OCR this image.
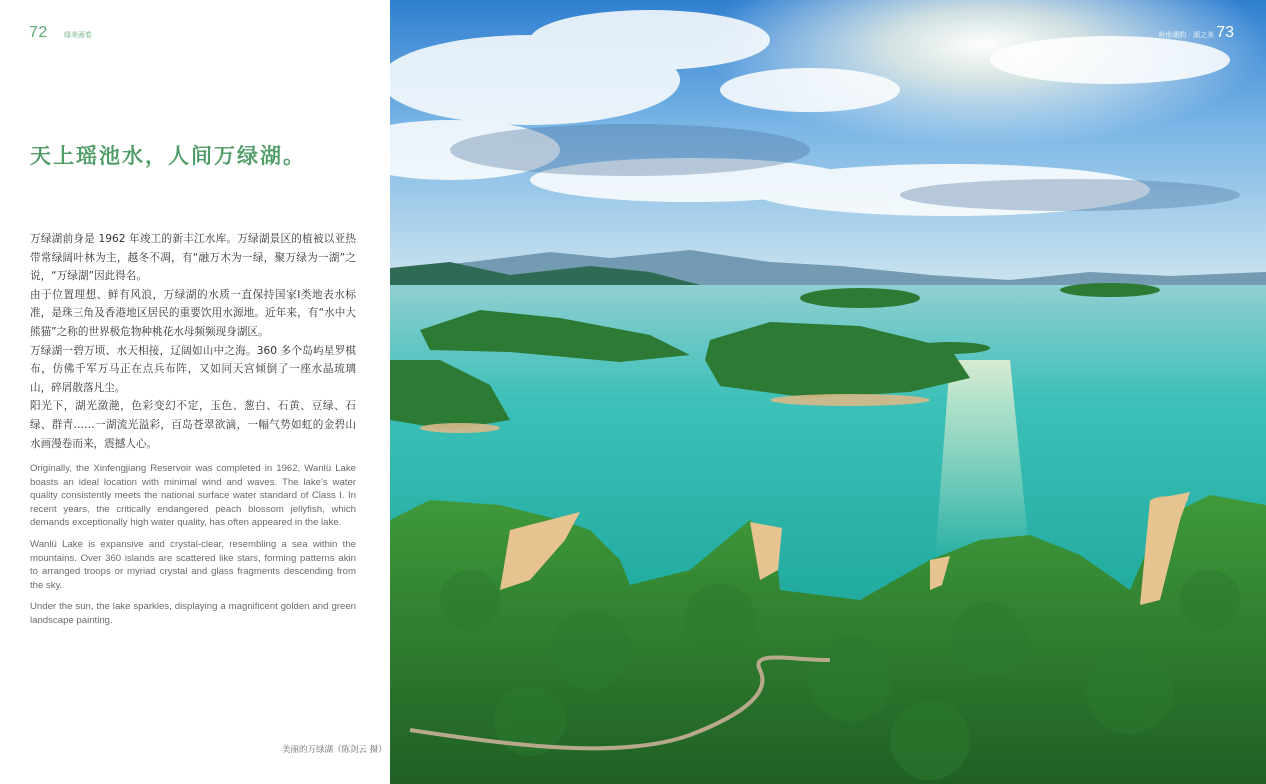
72 绿美画卷
天上瑶池水，人间万绿湖。

万绿湖前身是 1962 年竣工的新丰江水库。万绿湖景区的植被以亚热带常绿阔叶林为主，越冬不凋，有“融万木为一绿，聚万绿为一湖”之说，“万绿湖”因此得名。

由于位置理想、鲜有风浪，万绿湖的水质一直保持国家Ⅰ类地表水标准，是珠三角及香港地区居民的重要饮用水源地。近年来，有“水中大熊猫”之称的世界极危物种桃花水母频频现身湖区。

万绿湖一碧万顷、水天相接，辽阔如山中之海。360 多个岛屿星罗棋布，仿佛千军万马正在点兵布阵，又如同天宫倾倒了一座水晶琉璃山，碎屑散落凡尘。

阳光下，湖光潋滟，色彩变幻不定，玉色、葱白、石黄、豆绿、石绿、群青……一湖流光溢彩，百岛苍翠欲滴，一幅气势如虹的金碧山水画漫卷而来，震撼人心。

Originally, the Xinfengjiang Reservoir was completed in 1962, Wanlü Lake boasts an ideal location with minimal wind and waves. The lake's water quality consistently meets the national surface water standard of Class I. In recent years, the critically endangered peach blossom jellyfish, which demands exceptionally high water quality, has often appeared in the lake.

Wanlü Lake is expansive and crystal-clear, resembling a sea within the mountains. Over 360 islands are scattered like stars, forming patterns akin to arranged troops or myriad crystal and glass fragments descending from the sky.

Under the sun, the lake sparkles, displaying a magnificent golden and green landscape painting.

美丽的万绿湖（陈剑云 摄）
岭南潮韵 · 湖之美 73
